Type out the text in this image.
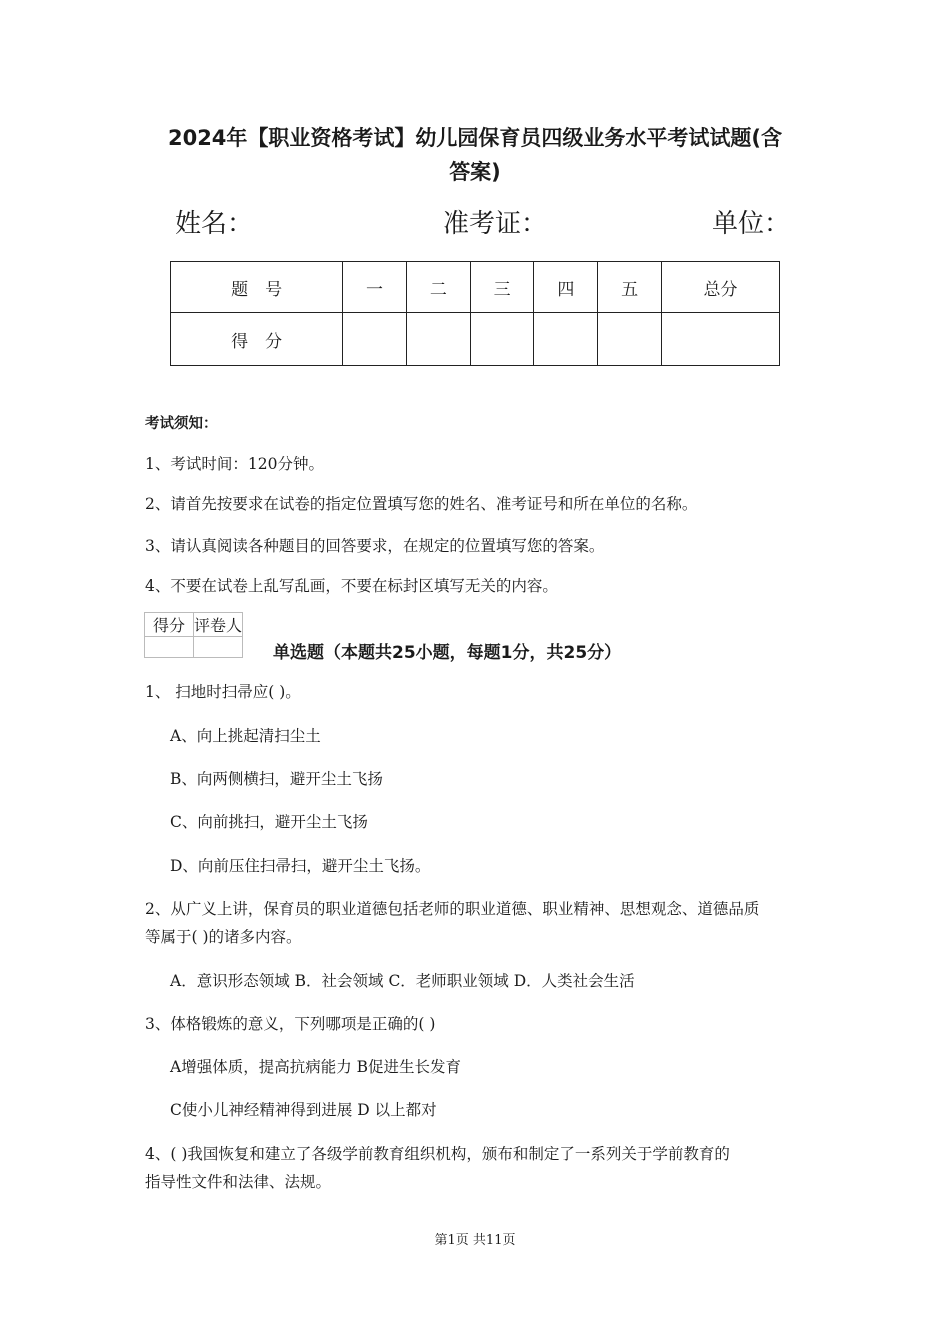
2024年【职业资格考试】幼儿园保育员四级业务水平考试试题(含
答案)
姓名：	准考证：	单位：
题　号	一	二	三	四	五	总分
得　分						
考试须知：
1、考试时间：120分钟。
2、请首先按要求在试卷的指定位置填写您的姓名、准考证号和所在单位的名称。
3、请认真阅读各种题目的回答要求，在规定的位置填写您的答案。
4、不要在试卷上乱写乱画，不要在标封区填写无关的内容。
得分	评卷人

单选题（本题共25小题，每题1分，共25分）
1、 扫地时扫帚应( )。
A、向上挑起清扫尘土
B、向两侧横扫，避开尘土飞扬
C、向前挑扫，避开尘土飞扬
D、向前压住扫帚扫，避开尘土飞扬。
2、从广义上讲，保育员的职业道德包括老师的职业道德、职业精神、思想观念、道德品质
等属于( )的诸多内容。
A．意识形态领域 B．社会领域 C．老师职业领域 D．人类社会生活
3、体格锻炼的意义，下列哪项是正确的( )
A增强体质，提高抗病能力 B促进生长发育
C使小儿神经精神得到进展 D 以上都对
4、( )我国恢复和建立了各级学前教育组织机构，颁布和制定了一系列关于学前教育的
指导性文件和法律、法规。
第1页 共11页
